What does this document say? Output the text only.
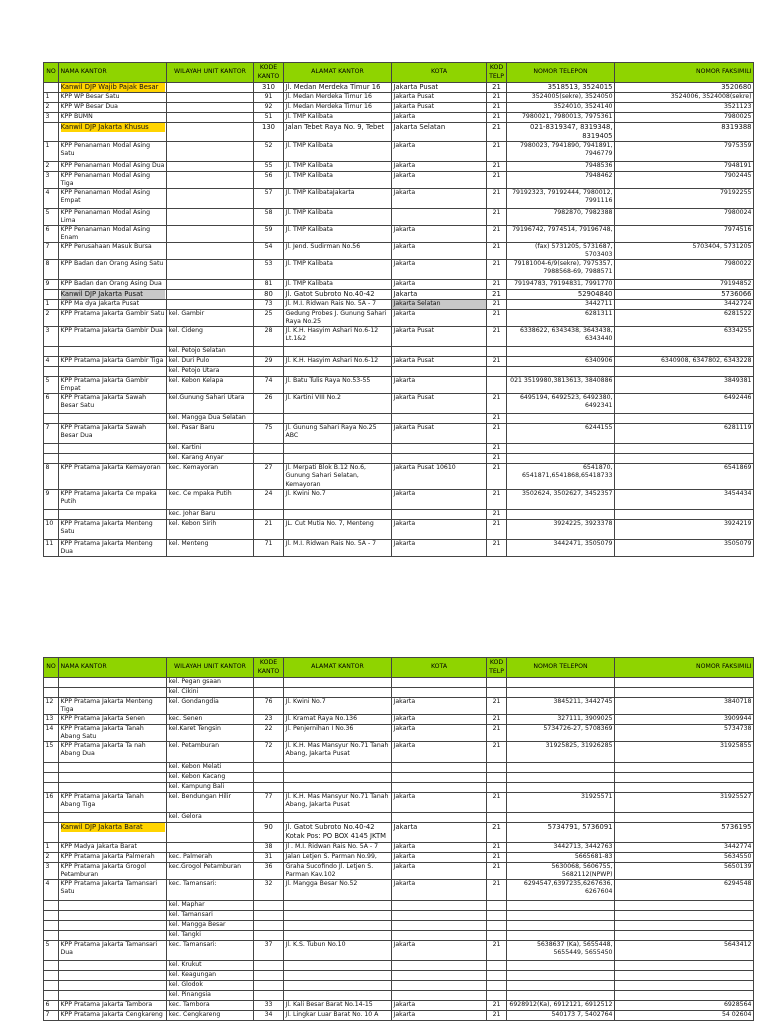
NO	NAMA KANTOR	WILAYAH UNIT KANTOR	KODE KANTO	ALAMAT KANTOR	KOTA	KOD TELP	NOMOR TELEPON	NOMOR FAKSIMILI

	Kanwil DJP Wajib Pajak Besar		310	Jl. Medan Merdeka Timur 16	Jakarta Pusat	21	3518513, 3524015	3520680
1	KPP WP Besar Satu		91	Jl. Medan Merdeka Timur 16	Jakarta Pusat	21	3524005(sekre), 3524050	3524006, 3524008(sekre)
2	KPP WP Besar Dua		92	Jl. Medan Merdeka Timur 16	Jakarta Pusat	21	3524010, 3524140	3521123
3	KPP BUMN		51	Jl. TMP Kalibata	Jakarta	21	7980021, 7980013, 7975361	7980025

	Kanwil DJP Jakarta Khusus		130	Jalan Tebet Raya No. 9, Tebet	Jakarta Selatan	21	021-8319347, 8319348, 8319405	8319388
1	KPP Penanaman Modal Asing Satu		52	Jl. TMP Kalibata	Jakarta	21	7980023, 7941890, 7941891, 7946779	7975359
2	KPP Penanaman Modal Asing Dua		55	Jl. TMP Kalibata	Jakarta	21	7948536	7948191
3	KPP Penanaman Modal Asing Tiga		56	Jl. TMP Kalibata	Jakarta	21	7948462	7902445
4	KPP Penanaman Modal Asing Empat		57	Jl. TMP KalibataJakarta	Jakarta	21	79192323, 79192444, 7980012, 7991116	79192255
5	KPP Penanaman Modal Asing Lima		58	Jl. TMP Kalibata		21	7982870, 7982388	7980024
6	KPP Penanaman Modal Asing Enam		59	Jl. TMP Kalibata	Jakarta	21	79196742, 7974514, 79196748,	7974516
7	KPP Perusahaan Masuk Bursa		54	Jl. Jend. Sudirman No.56	Jakarta	21	(fax) 5731205, 5731687, 5703403	5703404, 5731205
8	KPP Badan dan Orang Asing Satu		53	Jl. TMP Kalibata	Jakarta	21	79181004-6/9(sekre), 7975357, 7988568-69, 7988571	7980022
9	KPP Badan dan Orang Asing Dua		81	Jl. TMP Kalibata	Jakarta	21	79194783, 79194831, 7991770	79194852

	Kanwil DJP Jakarta Pusat		80	Jl. Gatot Subroto No.40-42	Jakarta	21	52904840	5736066
1	KPP Ma dya Jakarta Pusat		73	Jl. M.I. Ridwan Rais No. 5A - 7	Jakarta Selatan	21	3442711	3442724
2	KPP Pratama Jakarta Gambir Satu	kel. Gambir	25	Gedung Probes J. Gunung Sahari Raya No.25	Jakarta	21	6281311	6281522
3	KPP Pratama Jakarta Gambir Dua	kel. Cideng	28	Jl. K.H. Hasyim Ashari No.6-12 Lt.1&2	Jakarta Pusat	21	6338622, 6343438, 3643438, 6343440	6334255
		kel. Petojo Selatan						
4	KPP Pratama Jakarta Gambir Tiga	kel. Duri Pulo	29	Jl. K.H. Hasyim Ashari No.6-12	Jakarta Pusat	21	6340906	6340908, 6347802, 6343228
		kel. Petojo Utara						
5	KPP Pratama Jakarta Gambir Empat	kel. Kebon Kelapa	74	Jl. Batu Tulis Raya No.53-55	Jakarta		021 3519980,3813613, 3840886	3849381
6	KPP Pratama Jakarta Sawah Besar Satu	kel.Gunung Sahari Utara	26	Jl. Kartini VIII No.2	Jakarta Pusat	21	6495194, 6492523, 6492380, 6492341	6492446
		kel. Mangga Dua Selatan				21		
7	KPP Pratama Jakarta Sawah Besar Dua	kel. Pasar Baru	75	Jl. Gunung Sahari Raya No.25 ABC	Jakarta Pusat	21	6244155	6281119
		kel. Kartini				21		
		kel. Karang Anyar				21		
8	KPP Pratama Jakarta Kemayoran	kec. Kemayoran	27	Jl. Merpati Blok B.12 No.6, Gunung Sahari Selatan, Kemayoran	Jakarta Pusat 10610	21	6541870, 6541871,6541868,65418733	6541869
9	KPP Pratama Jakarta Ce mpaka Putih	kec. Ce mpaka Putih	24	Jl. Kwini No.7	Jakarta	21	3502624, 3502627, 3452357	3454434
		kec. Johar Baru				21		
10	KPP Pratama Jakarta Menteng Satu	kel. Kebon Sirih	21	JL. Cut Mutia No. 7, Menteng	Jakarta	21	3924225, 3923378	3924219
11	KPP Pratama Jakarta Menteng Dua	kel. Menteng	71	Jl. M.I. Ridwan Rais No. 5A - 7	Jakarta	21	3442471, 3505079	3505079
NO	NAMA KANTOR	WILAYAH UNIT KANTOR	KODE KANTO	ALAMAT KANTOR	KOTA	KOD TELP	NOMOR TELEPON	NOMOR FAKSIMILI
		kel. Pegan gsaan						
		kel. Cikini						
12	KPP Pratama Jakarta Menteng Tiga	kel. Gondangdia	76	Jl. Kwini No.7	Jakarta	21	3845211, 3442745	3840718
13	KPP Pratama Jakarta Senen	kec. Senen	23	Jl. Kramat Raya No.136	Jakarta	21	327111, 3909025	3909944
14	KPP Pratama Jakarta Tanah Abang Satu	kel.Karet Tengsin	22	Jl. Penjernihan I No.36	Jakarta	21	5734726-27, 5708369	5734738
15	KPP Pratama Jakarta Ta nah Abang Dua	kel. Petamburan	72	Jl. K.H. Mas Mansyur No.71 Tanah Abang, Jakarta Pusat	Jakarta	21	31925825, 31926285	31925855
		kel. Kebon Melati						
		kel. Kebon Kacang						
		kel. Kampung Bali						
16	KPP Pratama Jakarta Tanah Abang Tiga	kel. Bendungan Hilir	77	Jl. K.H. Mas Mansyur No.71 Tanah Abang, Jakarta Pusat	Jakarta	21	31925571	31925527
		kel. Gelora						

	Kanwil DJP Jakarta Barat		90	Jl. Gatot Subroto No.40-42 Kotak Pos: PO BOX 4145 JKTM	Jakarta	21	5734791, 5736091	5736195
1	KPP Madya Jakarta Barat		38	Jl . M.I. Ridwan Rais No. 5A - 7	Jakarta	21	3442713, 3442763	3442774
2	KPP Pratama Jakarta Palmerah	kec. Palmerah	31	Jalan Letjen S. Parman No.99,	Jakarta	21	5665681-83	5634550
3	KPP Pratama Jakarta Grogol Petamburan	kec.Grogol Petamburan	36	Graha Sucofindo Jl. Letjen S. Parman Kav.102	Jakarta	21	5630068, 5606755, 5682112(NPWP)	5650139
4	KPP Pratama Jakarta Tamansari Satu	kec. Tamansari:	32	Jl. Mangga Besar No.52	Jakarta	21	6294547,6397235,6267636, 6267604	6294548
		kel. Maphar						
		kel. Tamansari						
		kel. Mangga Besar						
		kel. Tangki						
5	KPP Pratama Jakarta Tamansari Dua	kec. Tamansari:	37	Jl. K.S. Tubun No.10	Jakarta	21	5638637 (Ka), 5655448, 5655449, 5655450	5643412
		kel. Krukut						
		kel. Keagungan						
		kel. Glodok						
		kel. Pinangsia						
6	KPP Pratama Jakarta Tambora	kec. Tambora	33	Jl. Kali Besar Barat No.14-15	Jakarta	21	6928912(Ka), 6912121, 6912512	6928564
7	KPP Pratama Jakarta Cengkareng	kec. Cengkareng	34	Jl. Lingkar Luar Barat No. 10 A	Jakarta	21	540173 7, 5402764	54 02604
